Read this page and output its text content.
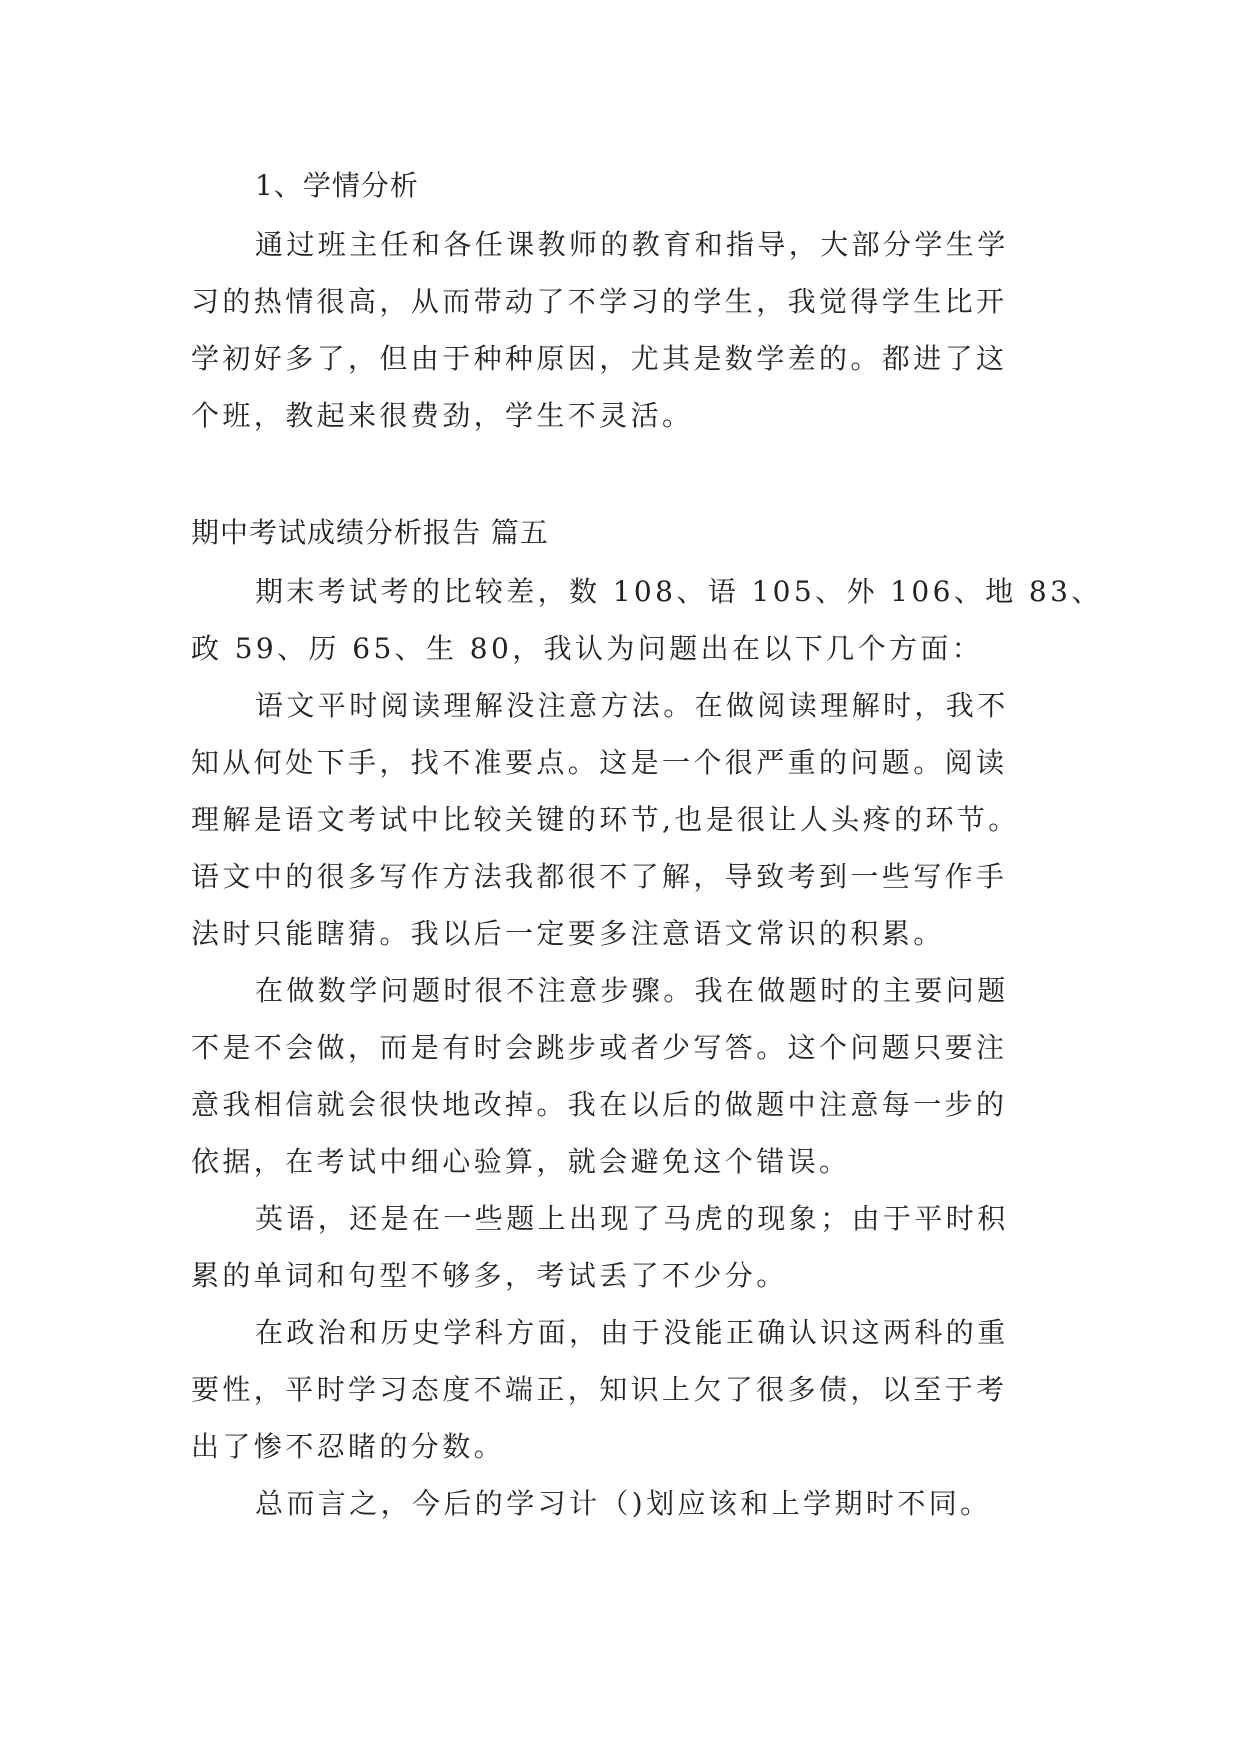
1、学情分析
通过班主任和各任课教师的教育和指导，大部分学生学
习的热情很高，从而带动了不学习的学生，我觉得学生比开
学初好多了，但由于种种原因，尤其是数学差的。都进了这
个班，教起来很费劲，学生不灵活。
期中考试成绩分析报告 篇五
期末考试考的比较差，数 108、语 105、外 106、地 83、
政 59、历 65、生 80，我认为问题出在以下几个方面：
语文平时阅读理解没注意方法。在做阅读理解时，我不
知从何处下手，找不准要点。这是一个很严重的问题。阅读
理解是语文考试中比较关键的环节,也是很让人头疼的环节。
语文中的很多写作方法我都很不了解，导致考到一些写作手
法时只能瞎猜。我以后一定要多注意语文常识的积累。
在做数学问题时很不注意步骤。我在做题时的主要问题
不是不会做，而是有时会跳步或者少写答。这个问题只要注
意我相信就会很快地改掉。我在以后的做题中注意每一步的
依据，在考试中细心验算，就会避免这个错误。
英语，还是在一些题上出现了马虎的现象；由于平时积
累的单词和句型不够多，考试丢了不少分。
在政治和历史学科方面，由于没能正确认识这两科的重
要性，平时学习态度不端正，知识上欠了很多债，以至于考
出了惨不忍睹的分数。
总而言之，今后的学习计（)划应该和上学期时不同。
